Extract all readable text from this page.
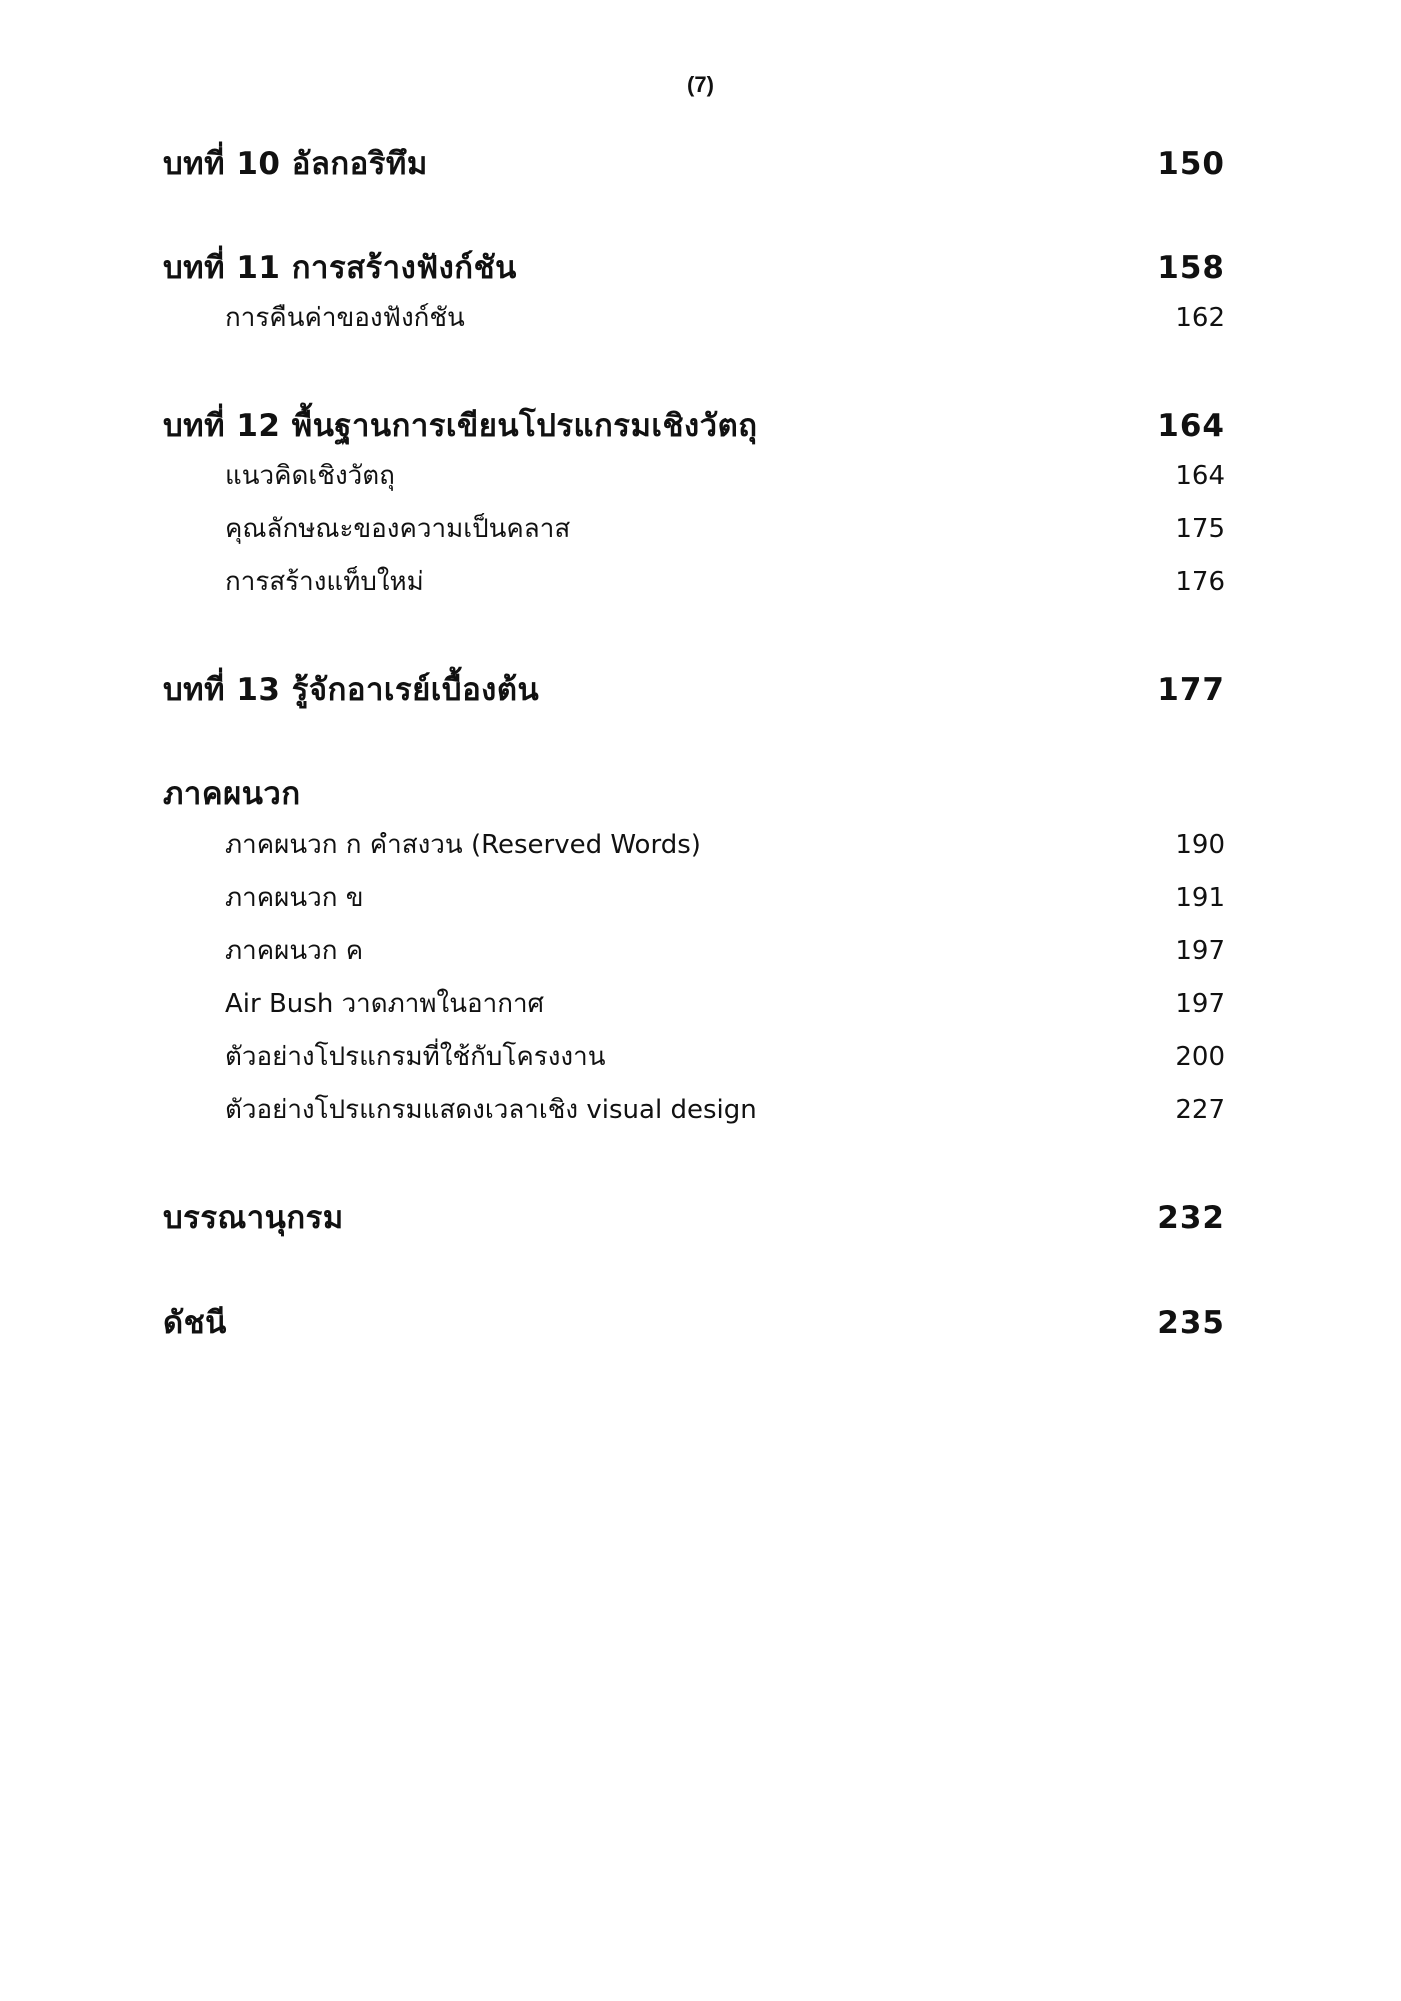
(7)
บทที่ 10 อัลกอริทึม	150
บทที่ 11 การสร้างฟังก์ชัน	158
การคืนค่าของฟังก์ชัน	162
บทที่ 12 พื้นฐานการเขียนโปรแกรมเชิงวัตถุ	164
แนวคิดเชิงวัตถุ	164
คุณลักษณะของความเป็นคลาส	175
การสร้างแท็บใหม่	176
บทที่ 13 รู้จักอาเรย์เบื้องต้น	177
ภาคผนวก
ภาคผนวก ก คำสงวน (Reserved Words)	190
ภาคผนวก ข	191
ภาคผนวก ค	197
Air Bush วาดภาพในอากาศ	197
ตัวอย่างโปรแกรมที่ใช้กับโครงงาน	200
ตัวอย่างโปรแกรมแสดงเวลาเชิง visual design	227
บรรณานุกรม	232
ดัชนี	235
